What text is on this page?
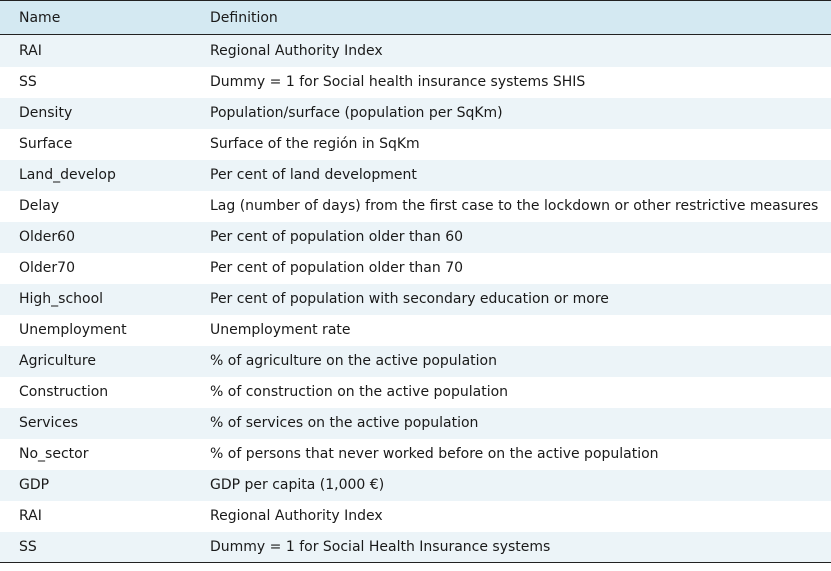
Name	Definition
RAI	Regional Authority Index
SS	Dummy = 1 for Social health insurance systems SHIS
Density	Population/surface (population per SqKm)
Surface	Surface of the región in SqKm
Land_develop	Per cent of land development
Delay	Lag (number of days) from the first case to the lockdown or other restrictive measures
Older60	Per cent of population older than 60
Older70	Per cent of population older than 70
High_school	Per cent of population with secondary education or more
Unemployment	Unemployment rate
Agriculture	% of agriculture on the active population
Construction	% of construction on the active population
Services	% of services on the active population
No_sector	% of persons that never worked before on the active population
GDP	GDP per capita (1,000 €)
RAI	Regional Authority Index
SS	Dummy = 1 for Social Health Insurance systems
